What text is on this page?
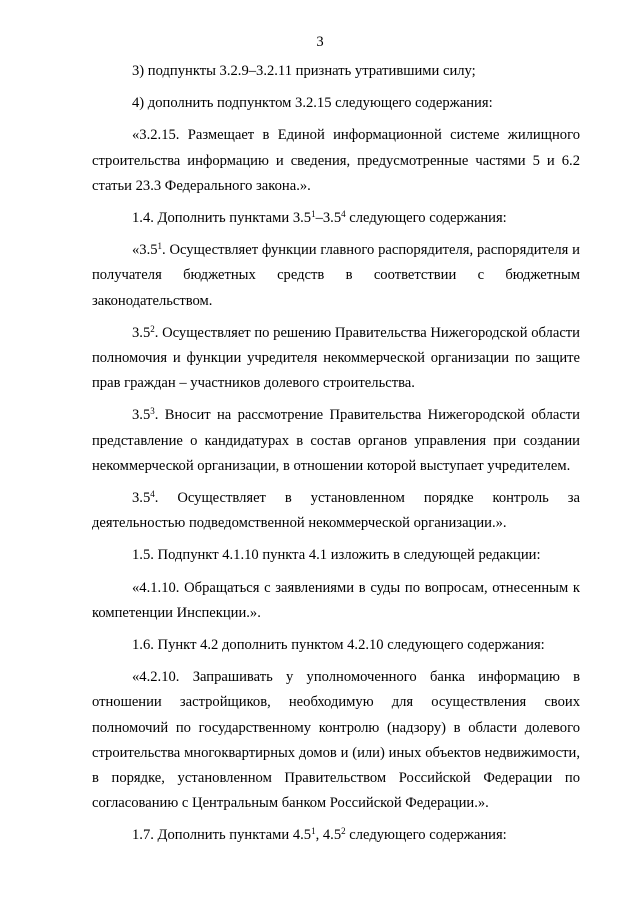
3

3) подпункты 3.2.9–3.2.11 признать утратившими силу;

4) дополнить подпунктом 3.2.15 следующего содержания:

«3.2.15. Размещает в Единой информационной системе жилищного строительства информацию и сведения, предусмотренные частями 5 и 6.2 статьи 23.3 Федерального закона.».

1.4. Дополнить пунктами $3.5^1-3.5^4$ следующего содержания:

«$3.5^1$. Осуществляет функции главного распорядителя, распорядителя и получателя бюджетных средств в соответствии с бюджетным законодательством.

$3.5^2$. Осуществляет по решению Правительства Нижегородской области полномочия и функции учредителя некоммерческой организации по защите прав граждан – участников долевого строительства.

$3.5^3$. Вносит на рассмотрение Правительства Нижегородской области представление о кандидатурах в состав органов управления при создании некоммерческой организации, в отношении которой выступает учредителем.

$3.5^4$. Осуществляет в установленном порядке контроль за деятельностью подведомственной некоммерческой организации.».

1.5. Подпункт 4.1.10 пункта 4.1 изложить в следующей редакции:

«4.1.10. Обращаться с заявлениями в суды по вопросам, отнесенным к компетенции Инспекции.».

1.6. Пункт 4.2 дополнить пунктом 4.2.10 следующего содержания:

«4.2.10. Запрашивать у уполномоченного банка информацию в отношении застройщиков, необходимую для осуществления своих полномочий по государственному контролю (надзору) в области долевого строительства многоквартирных домов и (или) иных объектов недвижимости, в порядке, установленном Правительством Российской Федерации по согласованию с Центральным банком Российской Федерации.».

1.7. Дополнить пунктами $4.5^1$, $4.5^2$ следующего содержания:
